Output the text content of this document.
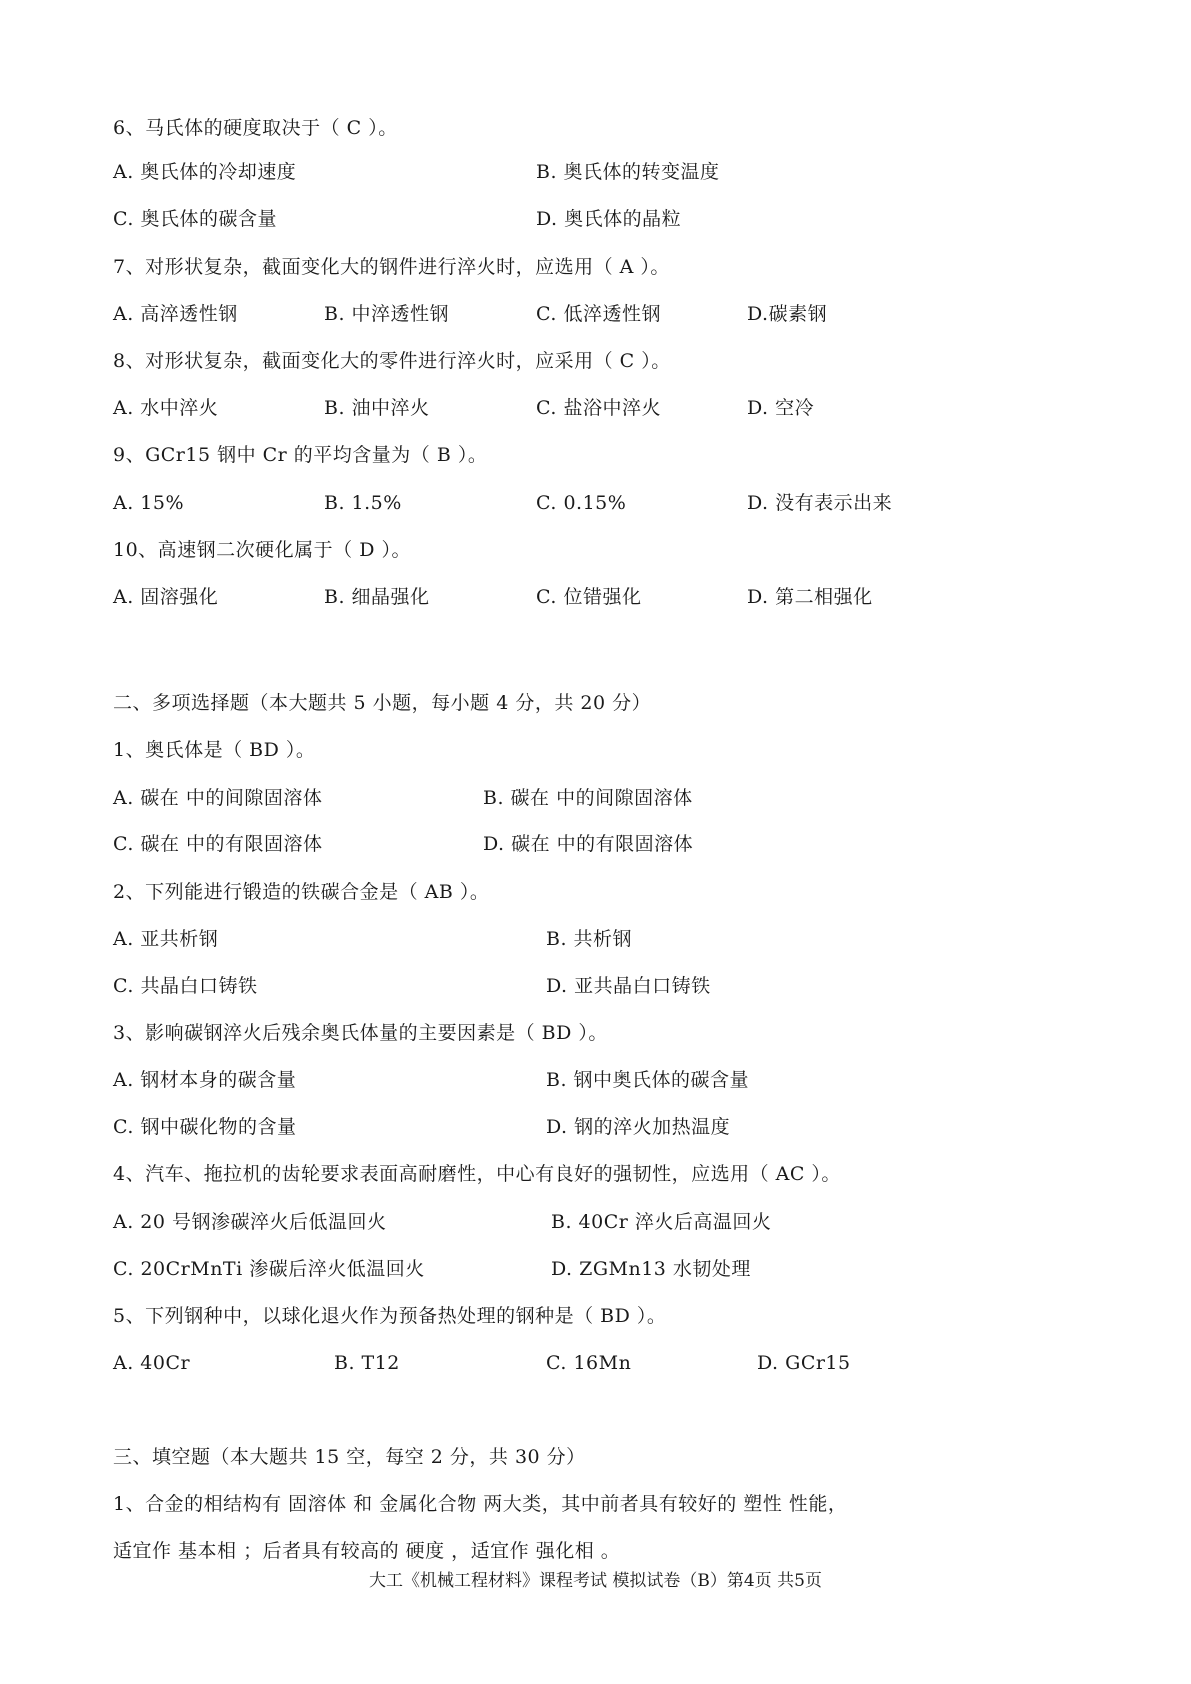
6、马氏体的硬度取决于（ C ）。
A. 奥氏体的冷却速度	B. 奥氏体的转变温度
C. 奥氏体的碳含量	D. 奥氏体的晶粒
7、对形状复杂，截面变化大的钢件进行淬火时，应选用（ A ）。
A. 高淬透性钢	B. 中淬透性钢	C. 低淬透性钢	D.碳素钢
8、对形状复杂，截面变化大的零件进行淬火时，应采用（ C ）。
A. 水中淬火	B. 油中淬火	C. 盐浴中淬火	D. 空冷
9、GCr15 钢中 Cr 的平均含量为（ B ）。
A. 15%	B. 1.5%	C. 0.15%	D. 没有表示出来
10、高速钢二次硬化属于（ D ）。
A. 固溶强化	B. 细晶强化	C. 位错强化	D. 第二相强化
二、多项选择题（本大题共 5 小题，每小题 4 分，共 20 分）
1、奥氏体是（ BD ）。
A. 碳在 中的间隙固溶体	B. 碳在 中的间隙固溶体
C. 碳在 中的有限固溶体	D. 碳在 中的有限固溶体
2、下列能进行锻造的铁碳合金是（ AB ）。
A. 亚共析钢	B. 共析钢
C. 共晶白口铸铁	D. 亚共晶白口铸铁
3、影响碳钢淬火后残余奥氏体量的主要因素是（ BD ）。
A. 钢材本身的碳含量	B. 钢中奥氏体的碳含量
C. 钢中碳化物的含量	D. 钢的淬火加热温度
4、汽车、拖拉机的齿轮要求表面高耐磨性，中心有良好的强韧性，应选用（ AC ）。
A. 20 号钢渗碳淬火后低温回火	B. 40Cr 淬火后高温回火
C. 20CrMnTi 渗碳后淬火低温回火	D. ZGMn13 水韧处理
5、下列钢种中，以球化退火作为预备热处理的钢种是（ BD ）。
A. 40Cr	B. T12	C. 16Mn	D. GCr15
三、填空题（本大题共 15 空，每空 2 分，共 30 分）
1、合金的相结构有 固溶体 和 金属化合物 两大类，其中前者具有较好的 塑性 性能，
适宜作 基本相 ；后者具有较高的 硬度 ，适宜作 强化相 。
大工《机械工程材料》课程考试 模拟试卷（B）第4页 共5页
